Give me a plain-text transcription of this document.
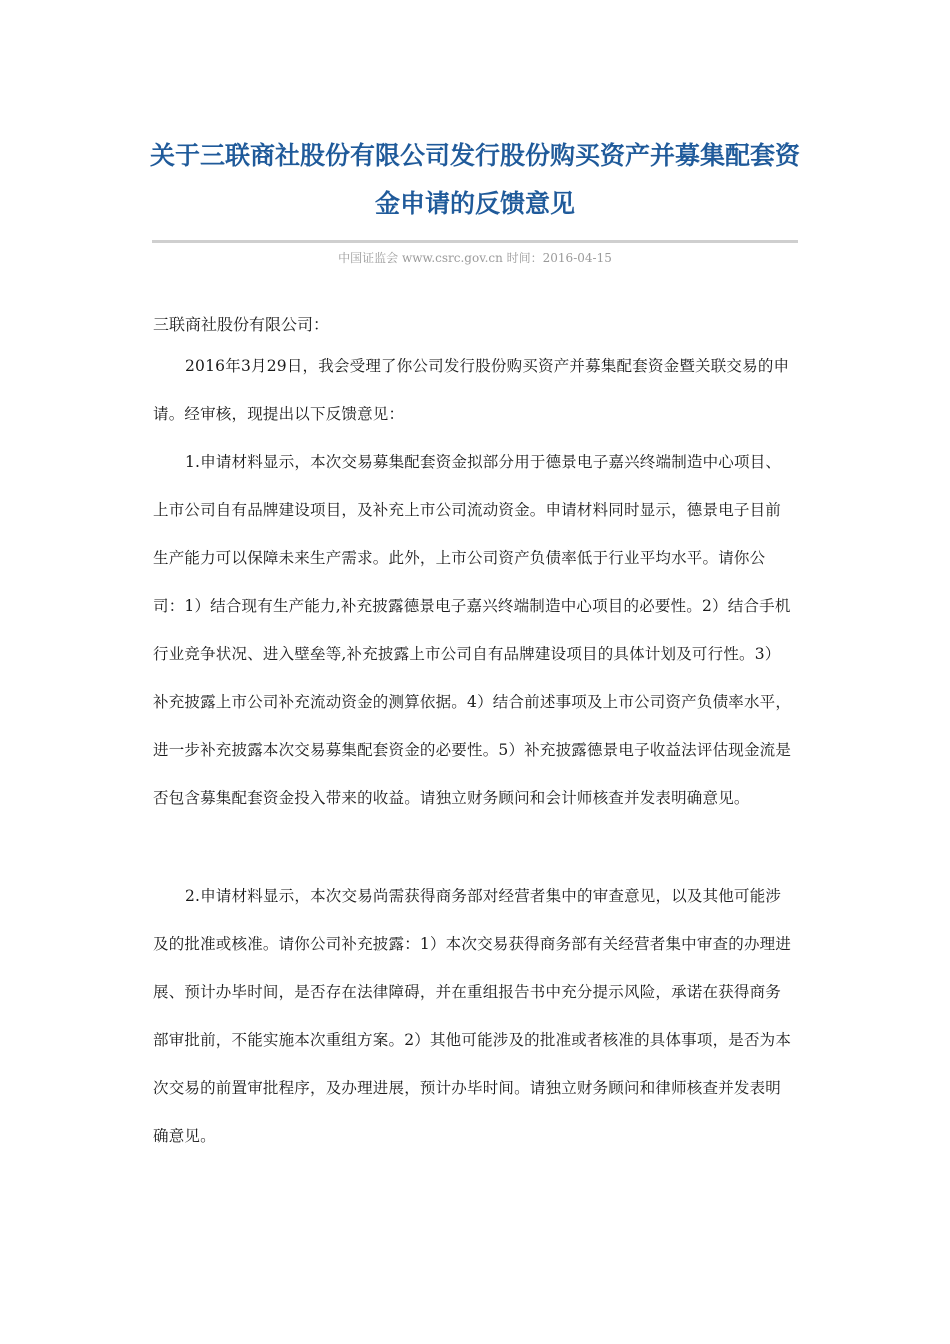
关于三联商社股份有限公司发行股份购买资产并募集配套资
金申请的反馈意见
中国证监会 www.csrc.gov.cn 时间：2016-04-15
三联商社股份有限公司：
2016年3月29日，我会受理了你公司发行股份购买资产并募集配套资金暨关联交易的申请。经审核，现提出以下反馈意见：
1.申请材料显示，本次交易募集配套资金拟部分用于德景电子嘉兴终端制造中心项目、上市公司自有品牌建设项目，及补充上市公司流动资金。申请材料同时显示，德景电子目前生产能力可以保障未来生产需求。此外，上市公司资产负债率低于行业平均水平。请你公司：1）结合现有生产能力,补充披露德景电子嘉兴终端制造中心项目的必要性。2）结合手机行业竞争状况、进入壁垒等,补充披露上市公司自有品牌建设项目的具体计划及可行性。3）补充披露上市公司补充流动资金的测算依据。4）结合前述事项及上市公司资产负债率水平，进一步补充披露本次交易募集配套资金的必要性。5）补充披露德景电子收益法评估现金流是否包含募集配套资金投入带来的收益。请独立财务顾问和会计师核查并发表明确意见。
2.申请材料显示，本次交易尚需获得商务部对经营者集中的审查意见，以及其他可能涉及的批准或核准。请你公司补充披露：1）本次交易获得商务部有关经营者集中审查的办理进展、预计办毕时间，是否存在法律障碍，并在重组报告书中充分提示风险，承诺在获得商务部审批前，不能实施本次重组方案。2）其他可能涉及的批准或者核准的具体事项，是否为本次交易的前置审批程序，及办理进展，预计办毕时间。请独立财务顾问和律师核查并发表明确意见。
